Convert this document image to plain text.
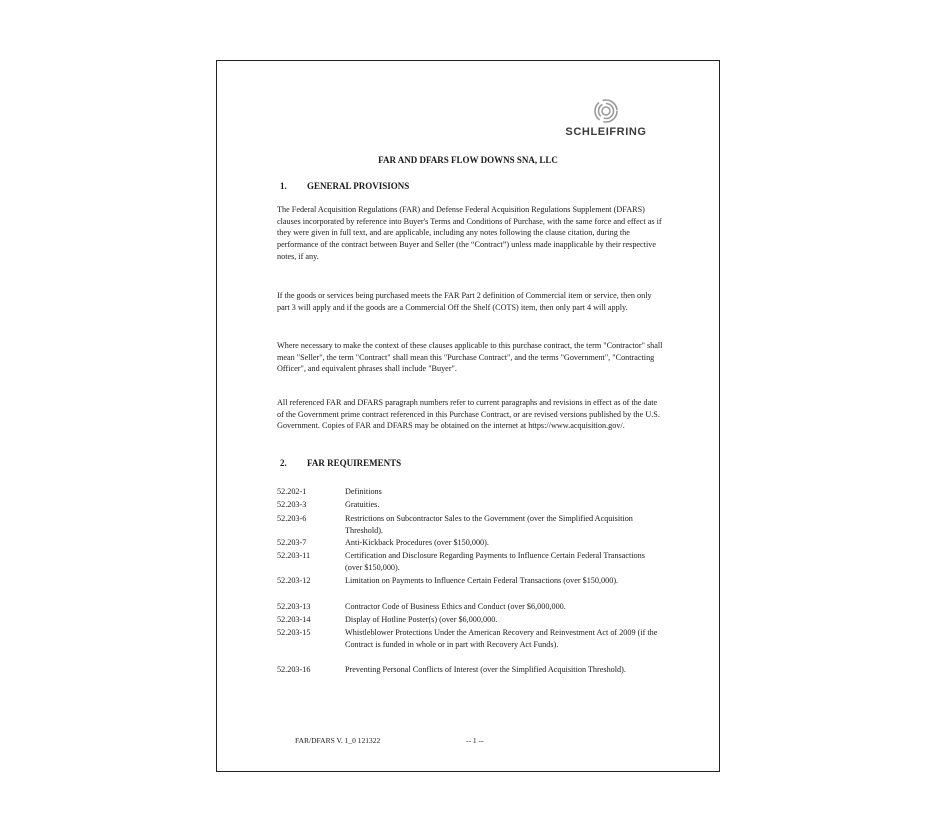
SCHLEIFRING
FAR AND DFARS FLOW DOWNS SNA, LLC
1. GENERAL PROVISIONS

The Federal Acquisition Regulations (FAR) and Defense Federal Acquisition Regulations Supplement (DFARS) clauses incorporated by reference into Buyer's Terms and Conditions of Purchase, with the same force and effect as if they were given in full text, and are applicable, including any notes following the clause citation, during the performance of the contract between Buyer and Seller (the “Contract”) unless made inapplicable by their respective notes, if any.

If the goods or services being purchased meets the FAR Part 2 definition of Commercial item or service, then only part 3 will apply and if the goods are a Commercial Off the Shelf (COTS) item, then only part 4 will apply.

Where necessary to make the context of these clauses applicable to this purchase contract, the term "Contractor" shall mean "Seller", the term "Contract" shall mean this "Purchase Contract", and the terms "Government", "Contracting Officer", and equivalent phrases shall include "Buyer".

All referenced FAR and DFARS paragraph numbers refer to current paragraphs and revisions in effect as of the date of the Government prime contract referenced in this Purchase Contract, or are revised versions published by the U.S. Government. Copies of FAR and DFARS may be obtained on the internet at https://www.acquisition.gov/.

2. FAR REQUIREMENTS
52.202-1	Definitions
52.203-3	Gratuities.
52.203-6	Restrictions on Subcontractor Sales to the Government (over the Simplified Acquisition Threshold).
52.203-7	Anti-Kickback Procedures (over $150,000).
52.203-11	Certification and Disclosure Regarding Payments to Influence Certain Federal Transactions (over $150,000).
52.203-12	Limitation on Payments to Influence Certain Federal Transactions (over $150,000).
52.203-13	Contractor Code of Business Ethics and Conduct (over $6,000,000.
52.203-14	Display of Hotline Poster(s) (over $6,000,000.
52.203-15	Whistleblower Protections Under the American Recovery and Reinvestment Act of 2009 (if the Contract is funded in whole or in part with Recovery Act Funds).
52.203-16	Preventing Personal Conflicts of Interest (over the Simplified Acquisition Threshold).
FAR/DFARS V. 1_0 121322	-- 1 --
